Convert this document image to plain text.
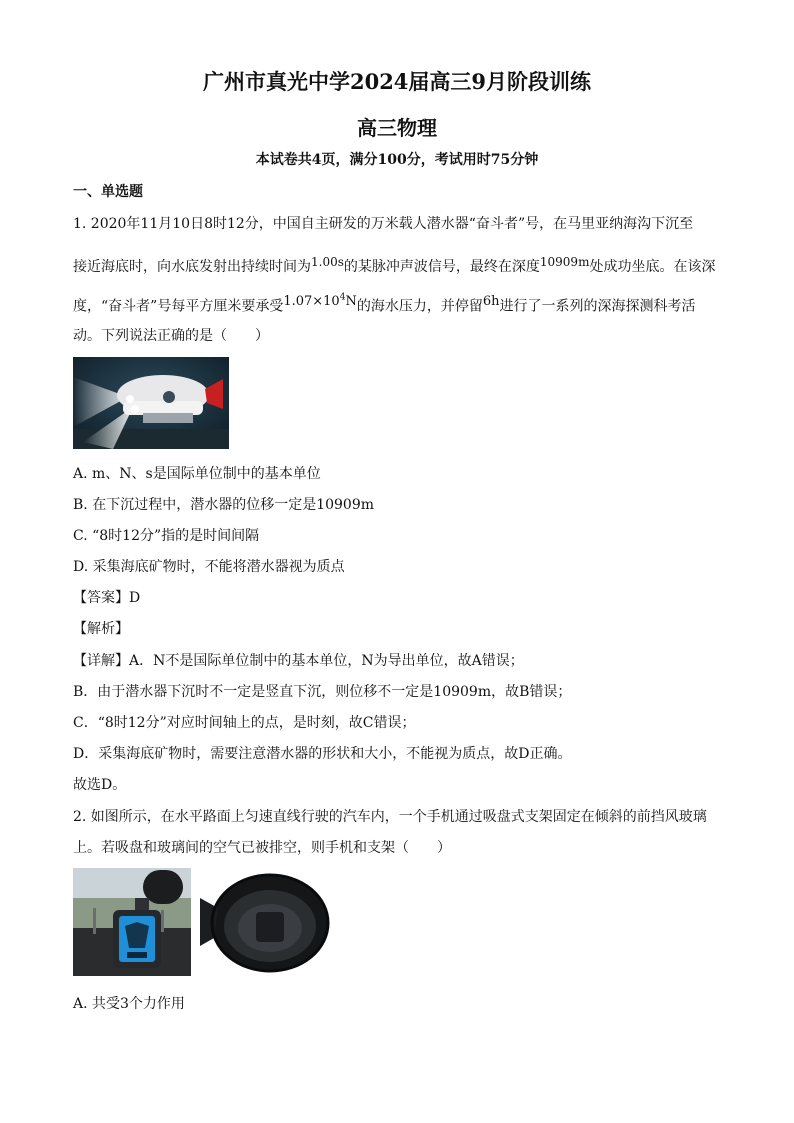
广州市真光中学2024届高三9月阶段训练
高三物理
本试卷共4页，满分100分，考试用时75分钟
一、单选题
1. 2020年11月10日8时12分，中国自主研发的万米载人潜水器“奋斗者”号，在马里亚纳海沟下沉至
接近海底时，向水底发射出持续时间为$^{1.00s}$的某脉冲声波信号，最终在深度$^{10909m}$处成功坐底。在该深
度，“奋斗者”号每平方厘米要承受$1.07\times 10^4N$的海水压力，并停留6h进行了一系列的深海探测科考活
动。下列说法正确的是（　　）
A. m、N、s是国际单位制中的基本单位
B. 在下沉过程中，潜水器的位移一定是10909m
C. “8时12分”指的是时间间隔
D. 采集海底矿物时，不能将潜水器视为质点
【答案】D
【解析】
【详解】A．N不是国际单位制中的基本单位，N为导出单位，故A错误；
B．由于潜水器下沉时不一定是竖直下沉，则位移不一定是10909m，故B错误；
C．“8时12分”对应时间轴上的点，是时刻，故C错误；
D．采集海底矿物时，需要注意潜水器的形状和大小，不能视为质点，故D正确。
故选D。
2. 如图所示，在水平路面上匀速直线行驶的汽车内，一个手机通过吸盘式支架固定在倾斜的前挡风玻璃
上。若吸盘和玻璃间的空气已被排空，则手机和支架（　　）
A. 共受3个力作用
